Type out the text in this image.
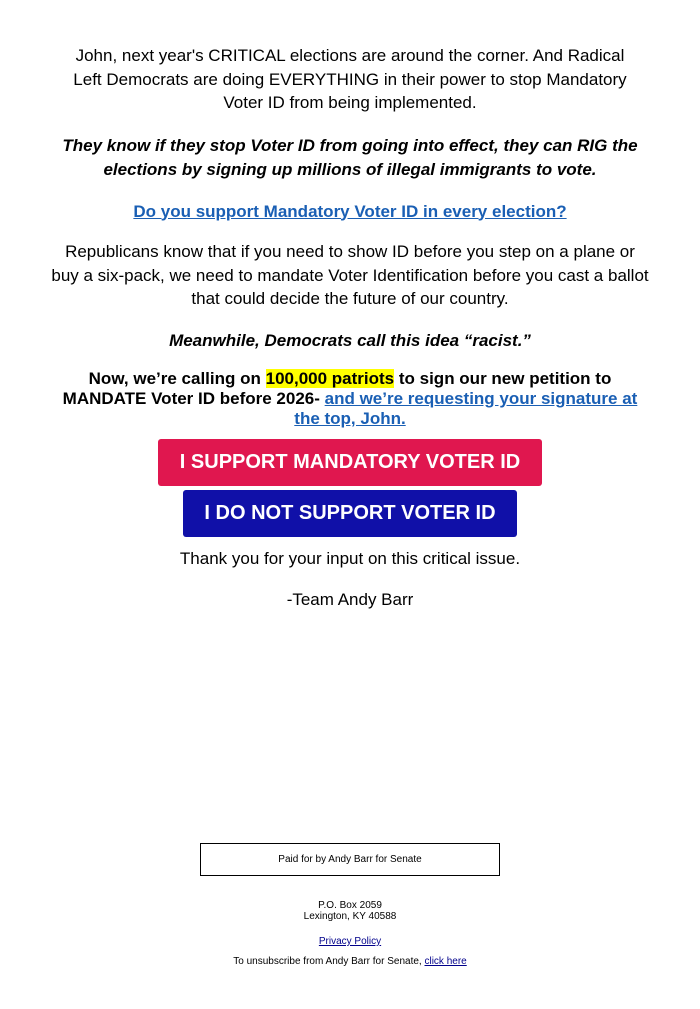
John, next year's CRITICAL elections are around the corner. And Radical Left Democrats are doing EVERYTHING in their power to stop Mandatory Voter ID from being implemented.

They know if they stop Voter ID from going into effect, they can RIG the elections by signing up millions of illegal immigrants to vote.

Do you support Mandatory Voter ID in every election?

Republicans know that if you need to show ID before you step on a plane or buy a six-pack, we need to mandate Voter Identification before you cast a ballot that could decide the future of our country.

Meanwhile, Democrats call this idea “racist.”

Now, we’re calling on 100,000 patriots to sign our new petition to MANDATE Voter ID before 2026- and we’re requesting your signature at the top, John.

I SUPPORT MANDATORY VOTER ID
I DO NOT SUPPORT VOTER ID

Thank you for your input on this critical issue.

-Team Andy Barr

Paid for by Andy Barr for Senate
P.O. Box 2059
Lexington, KY 40588
Privacy Policy
To unsubscribe from Andy Barr for Senate, click here
